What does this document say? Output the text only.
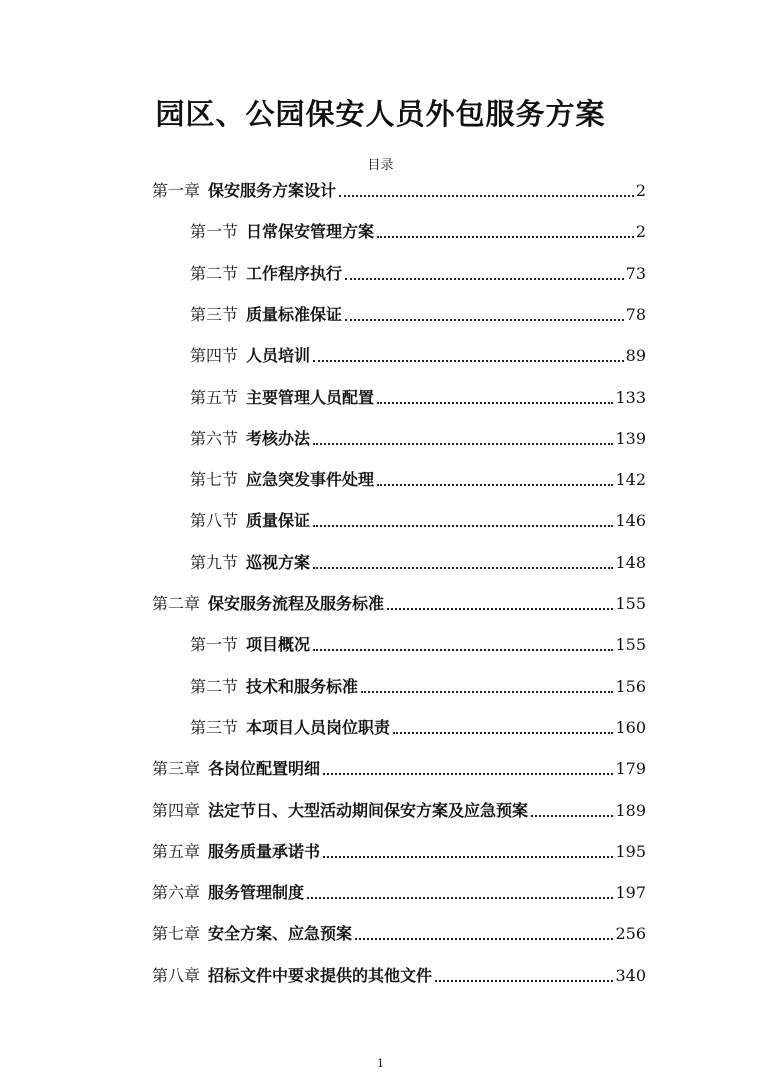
园区、公园保安人员外包服务方案
目录
第一章 保安服务方案设计	2
第一节 日常保安管理方案	2
第二节 工作程序执行	73
第三节 质量标准保证	78
第四节 人员培训	89
第五节 主要管理人员配置	133
第六节 考核办法	139
第七节 应急突发事件处理	142
第八节 质量保证	146
第九节 巡视方案	148
第二章 保安服务流程及服务标准	155
第一节 项目概况	155
第二节 技术和服务标准	156
第三节 本项目人员岗位职责	160
第三章 各岗位配置明细	179
第四章 法定节日、大型活动期间保安方案及应急预案	189
第五章 服务质量承诺书	195
第六章 服务管理制度	197
第七章 安全方案、应急预案	256
第八章 招标文件中要求提供的其他文件	340
1
